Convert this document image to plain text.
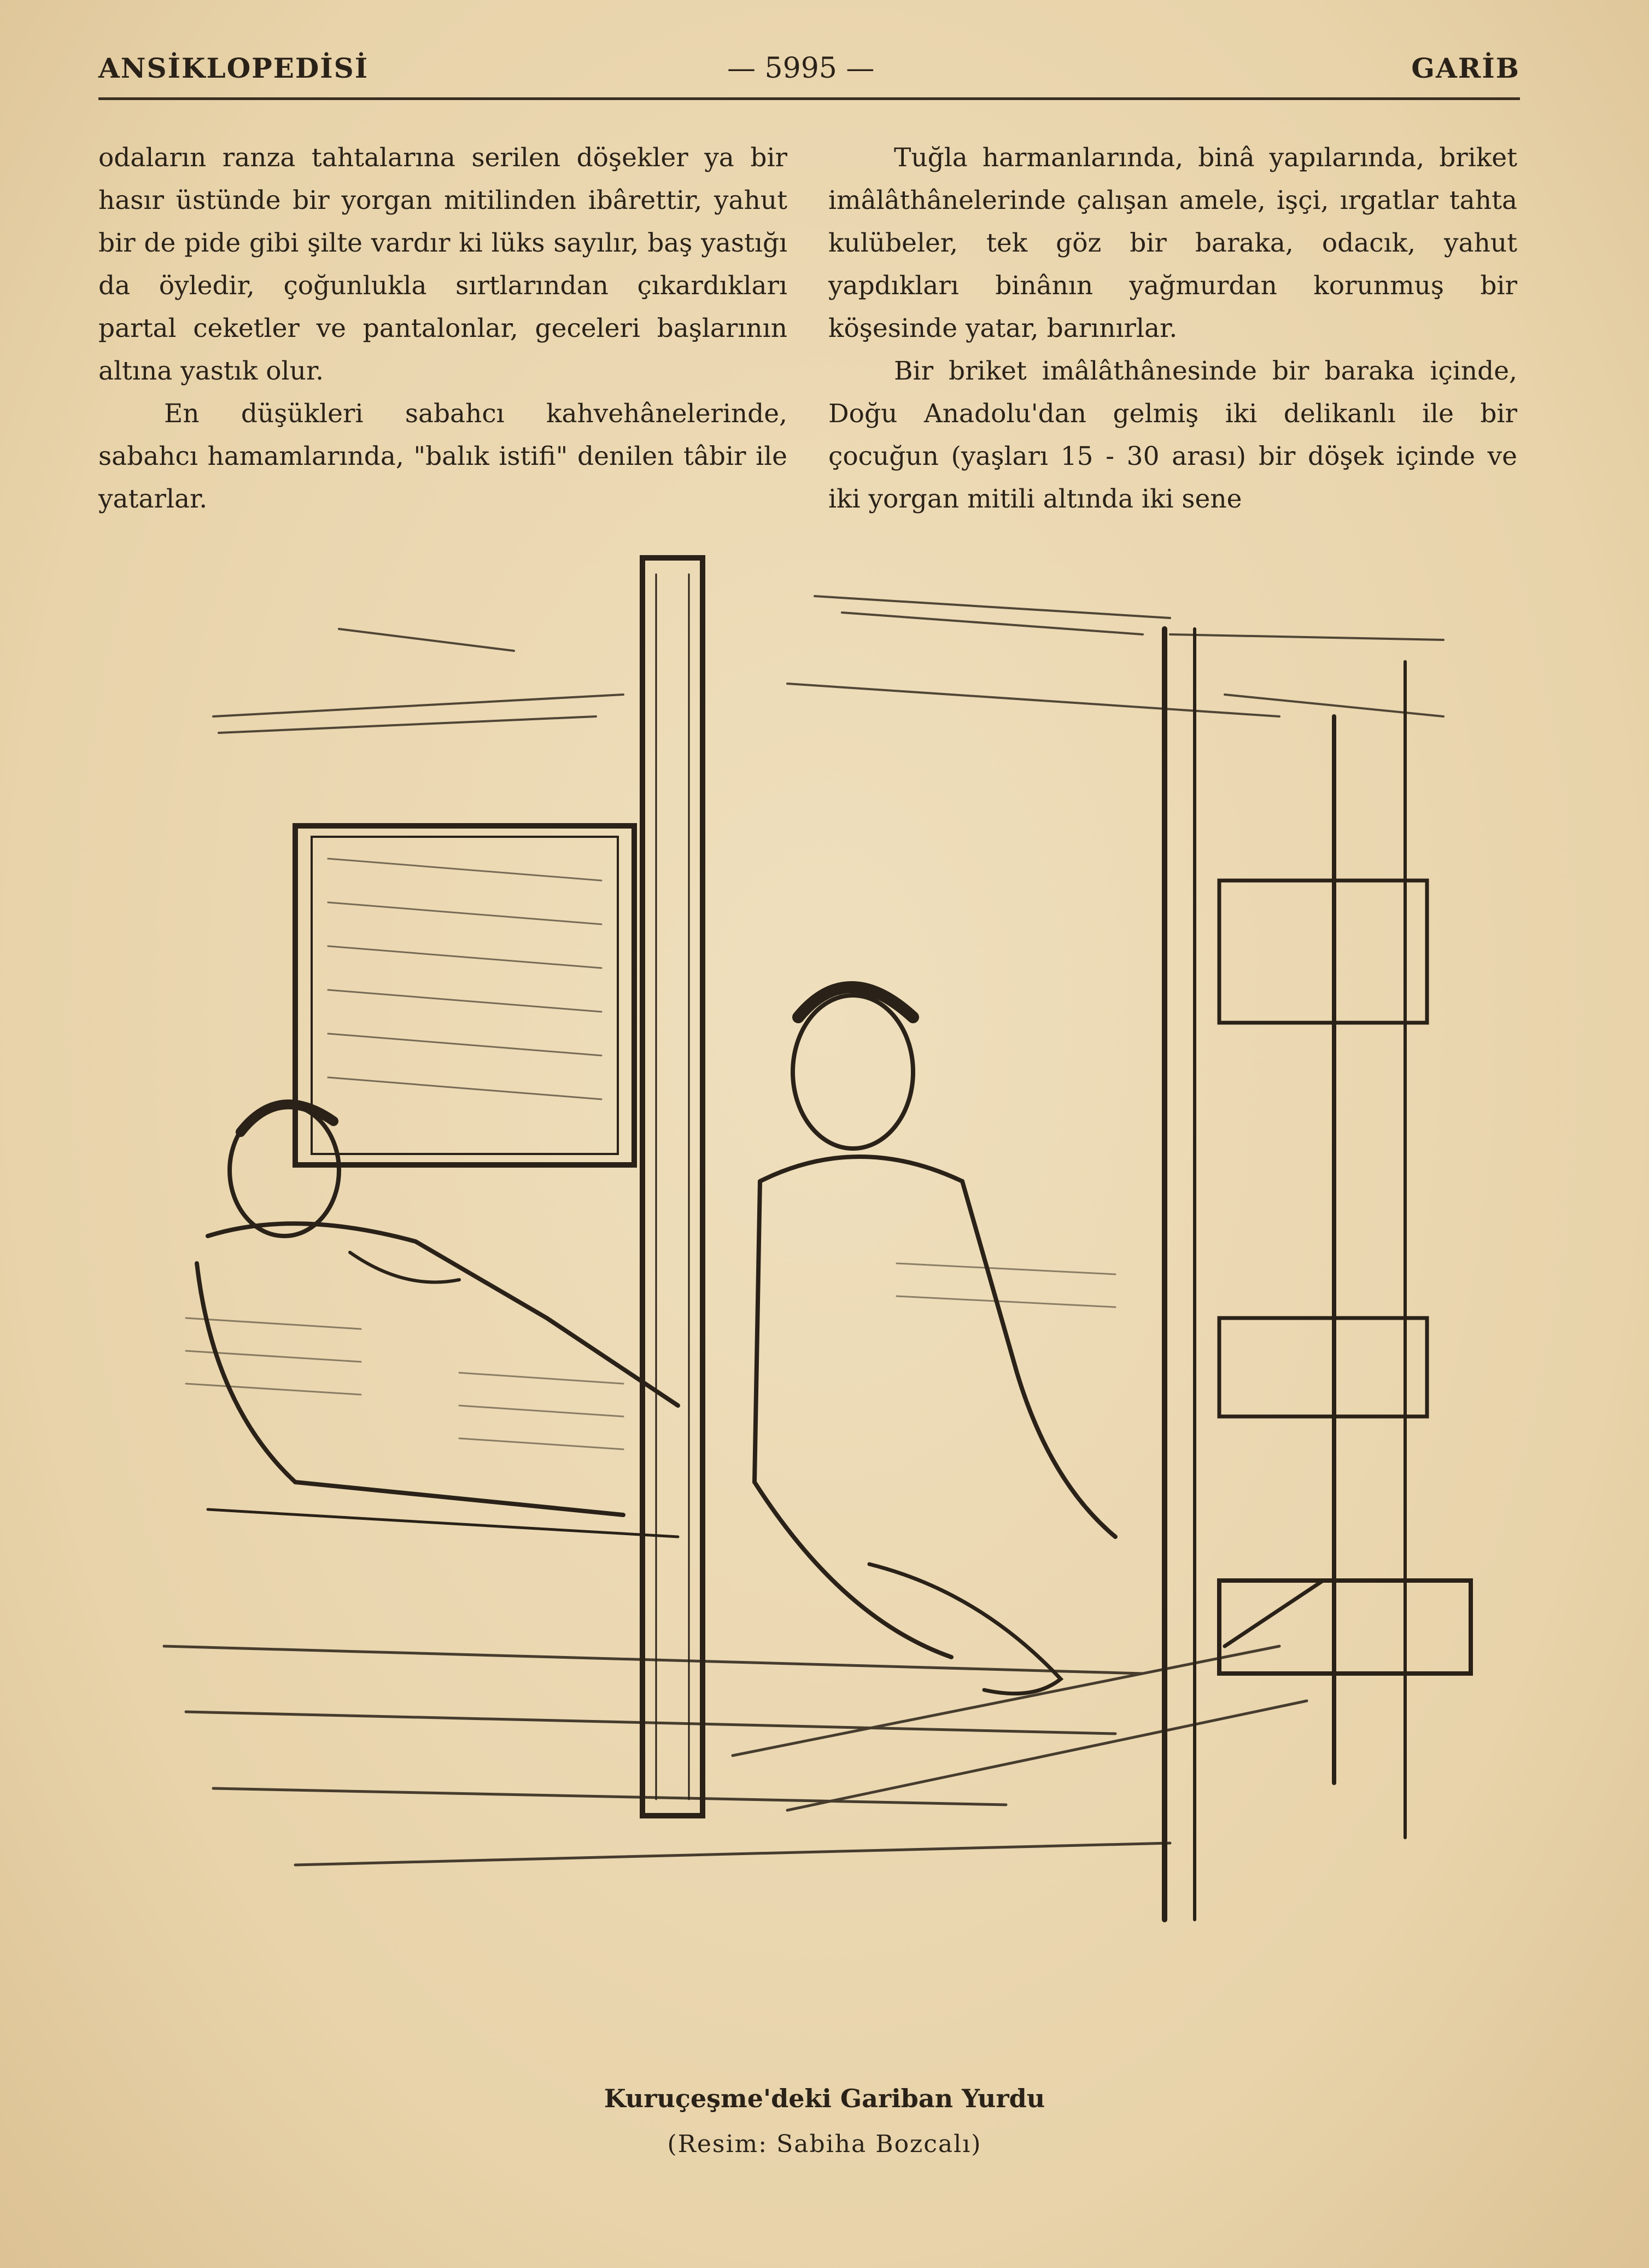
ANSİKLOPEDİSİ	— 5995 —	GARİB

odaların ranza tahtalarına serilen döşekler ya bir hasır üstünde bir yorgan mitilinden ibârettir, yahut bir de pide gibi şilte vardır ki lüks sayılır, baş yastığı da öyledir, çoğunlukla sırtlarından çıkardıkları partal ceketler ve pantalonlar, geceleri başlarının altına yastık olur.

En düşükleri sabahcı kahvehânelerinde, sabahcı hamamlarında, "balık istifi" denilen tâbir ile yatarlar.

Tuğla harmanlarında, binâ yapılarında, briket imâlâthânelerinde çalışan amele, işçi, ırgatlar tahta kulübeler, tek göz bir baraka, odacık, yahut yapdıkları binânın yağmurdan korunmuş bir köşesinde yatar, barınırlar.

Bir briket imâlâthânesinde bir baraka içinde, Doğu Anadolu'dan gelmiş iki delikanlı ile bir çocuğun (yaşları 15 - 30 arası) bir döşek içinde ve iki yorgan mitili altında iki sene

Kuruçeşme'deki Gariban Yurdu
(Resim: Sabiha Bozcalı)
